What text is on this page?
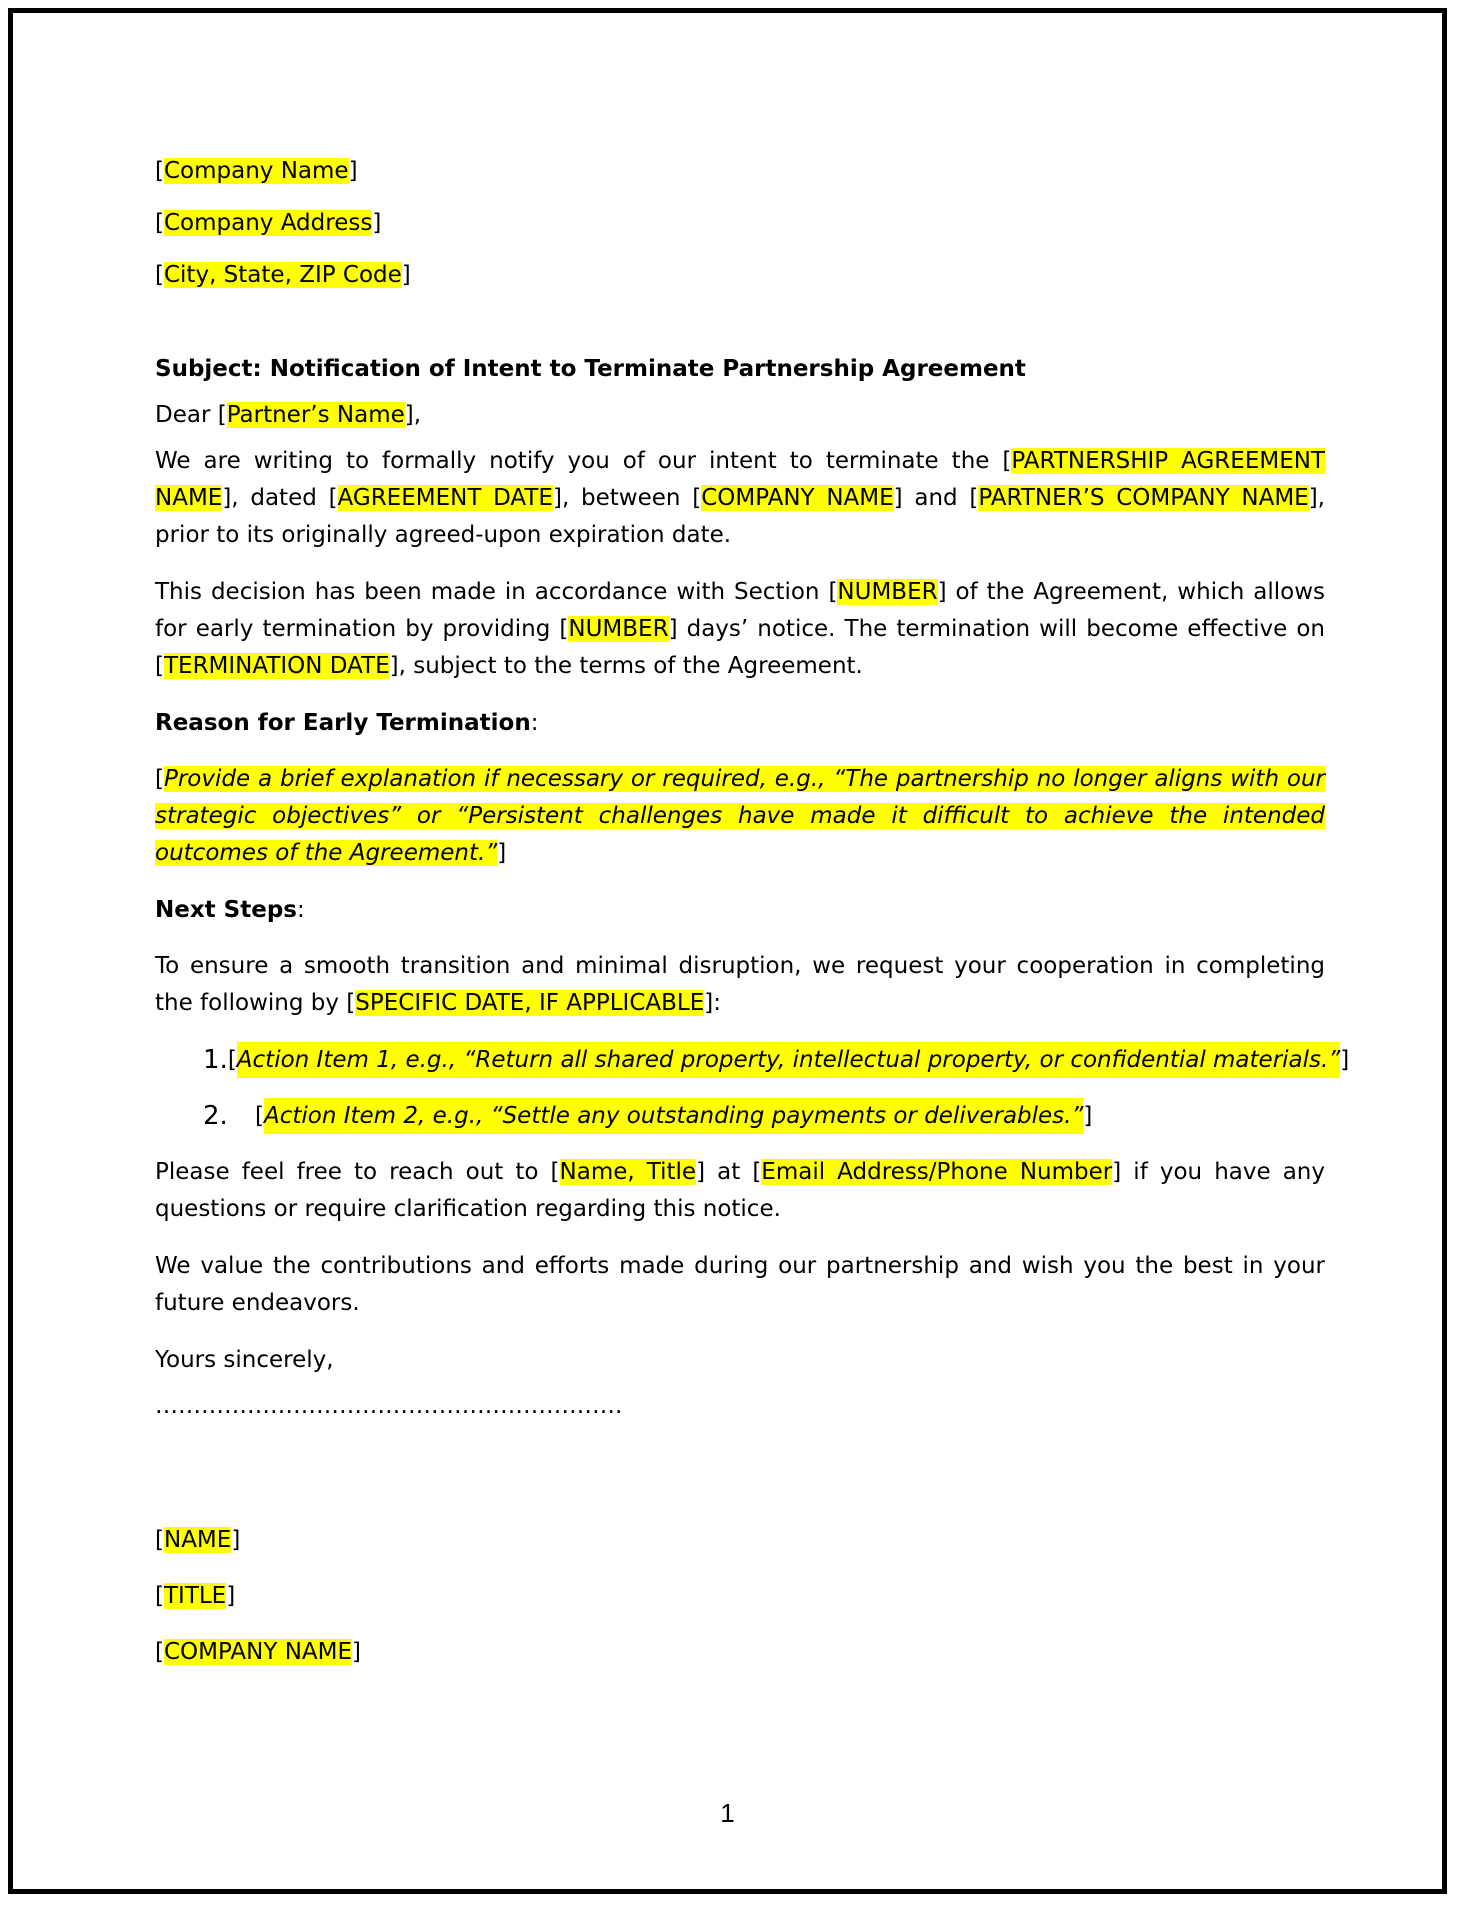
[Company Name]

[Company Address]

[City, State, ZIP Code]

Subject: Notification of Intent to Terminate Partnership Agreement

Dear [Partner’s Name],

We are writing to formally notify you of our intent to terminate the [PARTNERSHIP AGREEMENT NAME], dated [AGREEMENT DATE], between [COMPANY NAME] and [PARTNER’S COMPANY NAME], prior to its originally agreed-upon expiration date.

This decision has been made in accordance with Section [NUMBER] of the Agreement, which allows for early termination by providing [NUMBER] days’ notice. The termination will become effective on [TERMINATION DATE], subject to the terms of the Agreement.

Reason for Early Termination:

[Provide a brief explanation if necessary or required, e.g., “The partnership no longer aligns with our strategic objectives” or “Persistent challenges have made it difficult to achieve the intended outcomes of the Agreement.”]

Next Steps:

To ensure a smooth transition and minimal disruption, we request your cooperation in completing the following by [SPECIFIC DATE, IF APPLICABLE]:

1. [ Action Item 1, e.g., “Return all shared property, intellectual property, or confidential materials.” ]
2.	[ Action Item 2, e.g., “Settle any outstanding payments or deliverables.” ]

Please feel free to reach out to [Name, Title] at [Email Address/Phone Number] if you have any questions or require clarification regarding this notice.

We value the contributions and efforts made during our partnership and wish you the best in your future endeavors.

Yours sincerely,

…………………………………………………….

[NAME]

[TITLE]

[COMPANY NAME]

1
